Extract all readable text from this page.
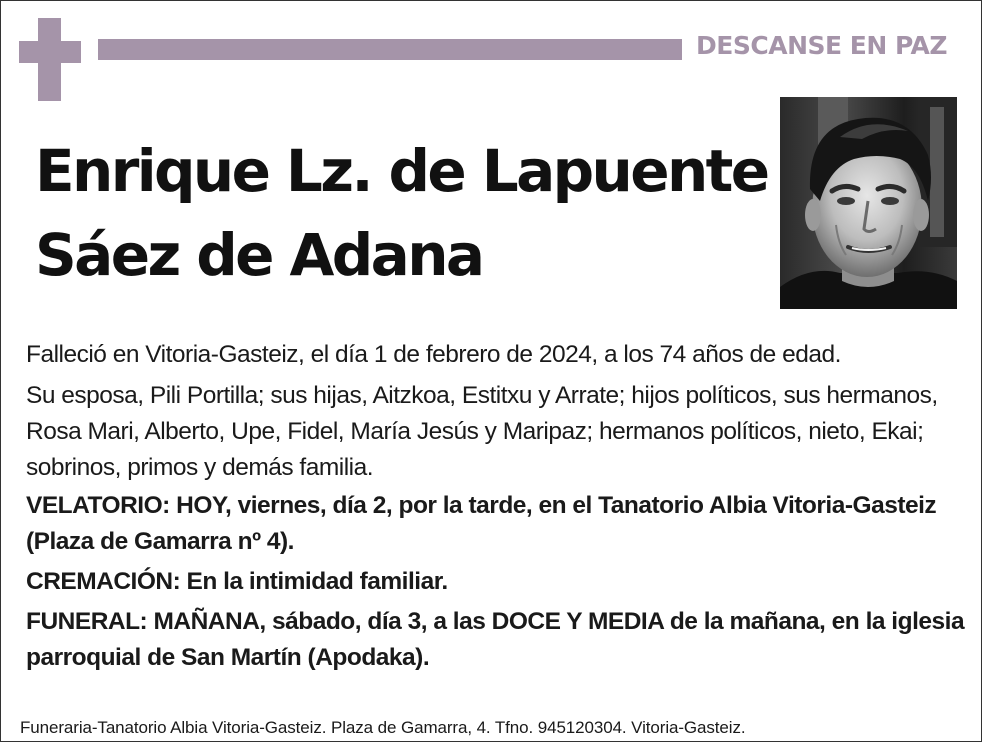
DESCANSE EN PAZ
Enrique Lz. de Lapuente
Sáez de Adana

Falleció en Vitoria-Gasteiz, el día 1 de febrero de 2024, a los 74 años de edad.

Su esposa, Pili Portilla; sus hijas, Aitzkoa, Estitxu y Arrate; hijos políticos, sus hermanos, Rosa Mari, Alberto, Upe, Fidel, María Jesús y Maripaz; hermanos políticos, nieto, Ekai; sobrinos, primos y demás familia.

VELATORIO: HOY, viernes, día 2, por la tarde, en el Tanatorio Albia Vitoria-Gasteiz (Plaza de Gamarra nº 4).

CREMACIÓN: En la intimidad familiar.

FUNERAL: MAÑANA, sábado, día 3, a las DOCE Y MEDIA de la mañana, en la iglesia parroquial de San Martín (Apodaka).

Funeraria-Tanatorio Albia Vitoria-Gasteiz. Plaza de Gamarra, 4. Tfno. 945120304. Vitoria-Gasteiz.
